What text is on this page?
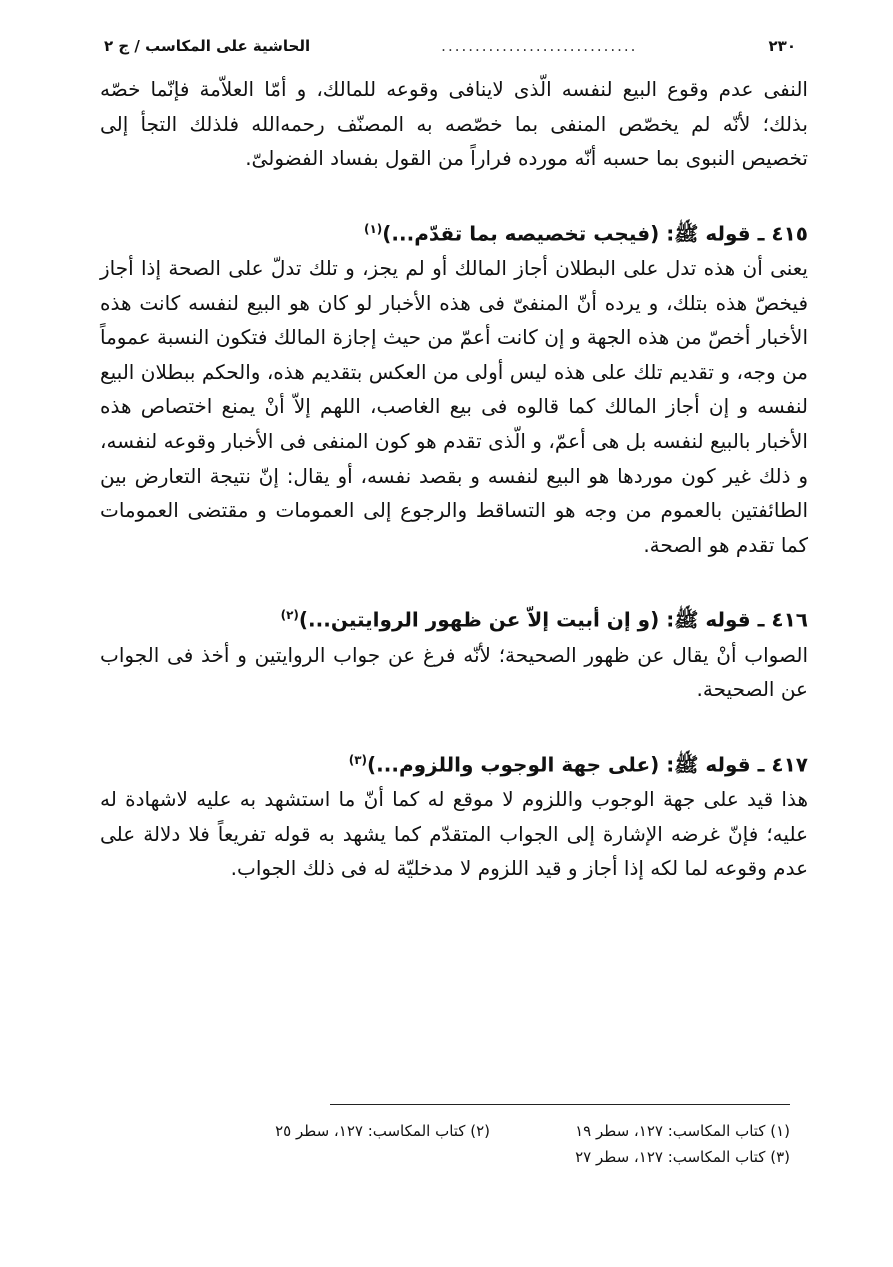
٢٣٠
.............................
الحاشية على المكاسب / ج ٢

النفى عدم وقوع البيع لنفسه الّذى لاينافى وقوعه للمالك، و أمّا العلاّمة فإنّما خصّه بذلك؛ لأنّه لم يخصّص المنفى بما خصّصه به المصنّف رحمه‌الله فلذلك التجأ إلى تخصيص النبوى بما حسبه أنّه مورده فراراً من القول بفساد الفضولىّ.

٤١٥ ـ قوله ﷺ: (فيجب تخصيصه بما تقدّم...)$^{(١)}$

يعنى أن هذه تدل على البطلان أجاز المالك أو لم يجز، و تلك تدلّ على الصحة إذا أجاز فيخصّ هذه بتلك، و يرده أنّ المنفىّ فى هذه الأخبار لو كان هو البيع لنفسه كانت هذه الأخبار أخصّ من هذه الجهة و إن كانت أعمّ من حيث إجازة المالك فتكون النسبة عموماً من وجه، و تقديم تلك على هذه ليس أولى من العكس بتقديم هذه، والحكم ببطلان البيع لنفسه و إن أجاز المالك كما قالوه فى بيع الغاصب، اللهم إلاّ أنْ يمنع اختصاص هذه الأخبار بالبيع لنفسه بل هى أعمّ، و الّذى تقدم هو كون المنفى فى الأخبار وقوعه لنفسه، و ذلك غير كون موردها هو البيع لنفسه و بقصد نفسه، أو يقال: إنّ نتيجة التعارض بين الطائفتين بالعموم من وجه هو التساقط والرجوع إلى العمومات و مقتضى العمومات كما تقدم هو الصحة.

٤١٦ ـ قوله ﷺ: (و إن أبيت إلاّ عن ظهور الروايتين...)$^{(٢)}$

الصواب أنْ يقال عن ظهور الصحيحة؛ لأنّه فرغ عن جواب الروايتين و أخذ فى الجواب عن الصحيحة.

٤١٧ ـ قوله ﷺ: (على جهة الوجوب واللزوم...)$^{(٣)}$

هذا قيد على جهة الوجوب واللزوم لا موقع له كما أنّ ما استشهد به عليه لاشهادة له عليه؛ فإنّ غرضه الإشارة إلى الجواب المتقدّم كما يشهد به قوله تفريعاً فلا دلالة على عدم وقوعه لما لكه إذا أجاز و قيد اللزوم لا مدخليّة له فى ذلك الجواب.

(١) كتاب المكاسب: ١٢٧، سطر ١٩
(٢) كتاب المكاسب: ١٢٧، سطر ٢٥
(٣) كتاب المكاسب: ١٢٧، سطر ٢٧
